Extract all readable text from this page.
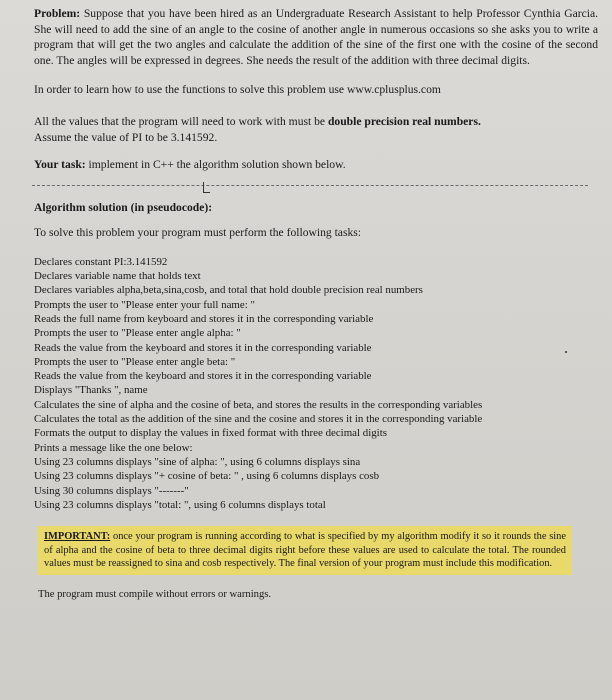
Problem: Suppose that you have been hired as an Undergraduate Research Assistant to help Professor Cynthia Garcia. She will need to add the sine of an angle to the cosine of another angle in numerous occasions so she asks you to write a program that will get the two angles and calculate the addition of the sine of the first one with the cosine of the second one. The angles will be expressed in degrees. She needs the result of the addition with three decimal digits.

In order to learn how to use the functions to solve this problem use www.cplusplus.com

All the values that the program will need to work with must be double precision real numbers.
Assume the value of PI to be 3.141592.

Your task: implement in C++ the algorithm solution shown below.

Algorithm solution (in pseudocode):
To solve this problem your program must perform the following tasks:
Declares constant PI:3.141592
Declares variable name that holds text
Declares variables alpha,beta,sina,cosb, and total that hold double precision real numbers
Prompts the user to "Please enter your full name: "
Reads the full name from keyboard and stores it in the corresponding variable
Prompts the user to "Please enter angle alpha: "
Reads the value from the keyboard and stores it in the corresponding variable
Prompts the user to "Please enter angle beta: "
Reads the value from the keyboard and stores it in the corresponding variable
Displays "Thanks ", name
Calculates the sine of alpha and the cosine of beta, and stores the results in the corresponding variables
Calculates the total as the addition of the sine and the cosine and stores it in the corresponding variable
Formats the output to display the values in fixed format with three decimal digits
Prints a message like the one below:
Using 23 columns displays "sine of alpha: ", using 6 columns displays sina
Using 23 columns displays "+ cosine of beta: " , using 6 columns displays cosb
Using 30 columns displays "-------"
Using 23 columns displays "total: ", using 6 columns displays total
IMPORTANT: once your program is running according to what is specified by my algorithm modify it so it rounds the sine of alpha and the cosine of beta to three decimal digits right before these values are used to calculate the total. The rounded values must be reassigned to sina and cosb respectively. The final version of your program must include this modification.
The program must compile without errors or warnings.
